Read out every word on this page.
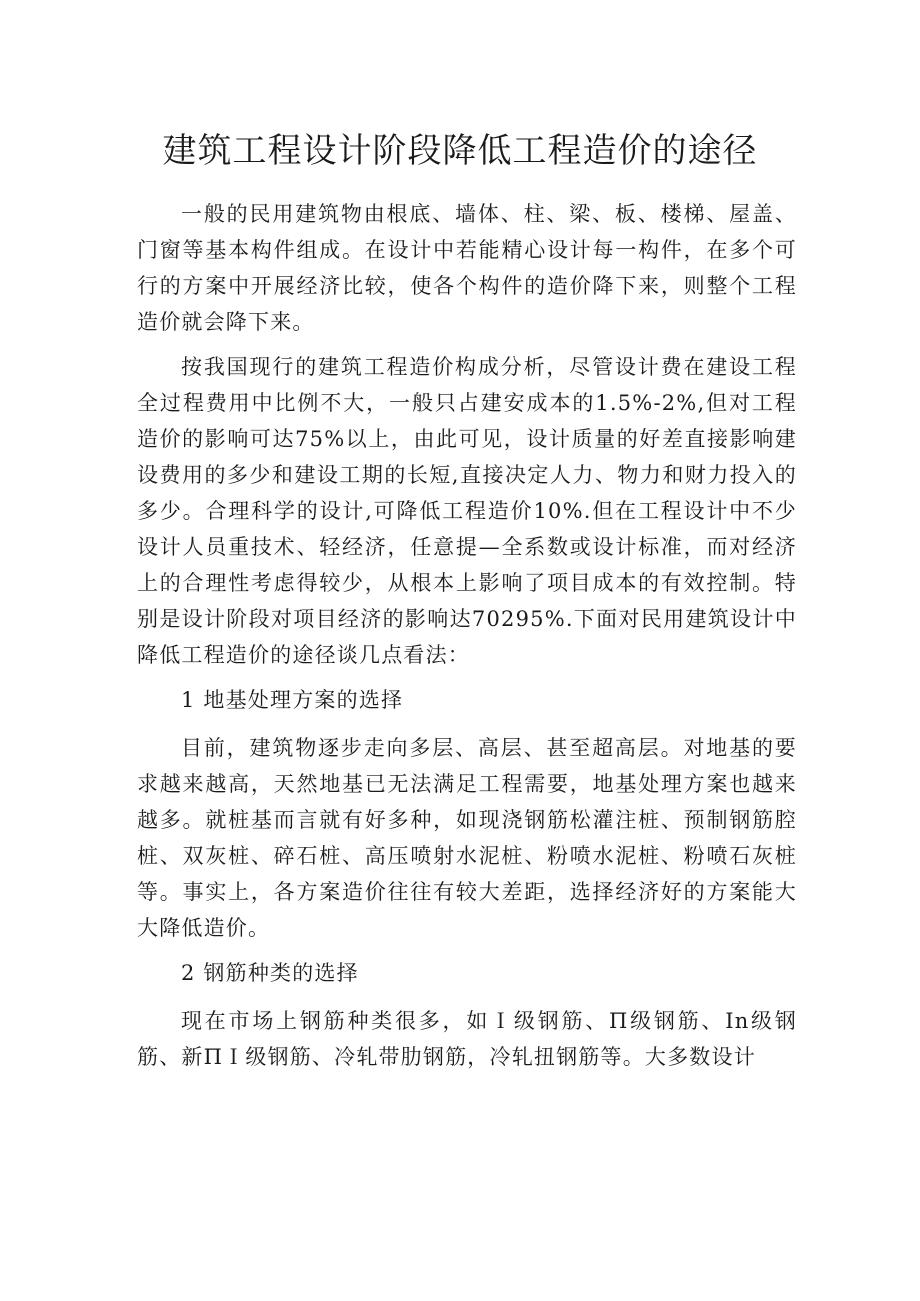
建筑工程设计阶段降低工程造价的途径

一般的民用建筑物由根底、墙体、柱、梁、板、楼梯、屋盖、门窗等基本构件组成。在设计中若能精心设计每一构件，在多个可行的方案中开展经济比较，使各个构件的造价降下来，则整个工程造价就会降下来。

按我国现行的建筑工程造价构成分析，尽管设计费在建设工程全过程费用中比例不大，一般只占建安成本的1.5%-2%,但对工程造价的影响可达75%以上，由此可见，设计质量的好差直接影响建设费用的多少和建设工期的长短,直接决定人力、物力和财力投入的多少。合理科学的设计,可降低工程造价10%.但在工程设计中不少设计人员重技术、轻经济，任意提—全系数或设计标准，而对经济上的合理性考虑得较少，从根本上影响了项目成本的有效控制。特别是设计阶段对项目经济的影响达70295%.下面对民用建筑设计中降低工程造价的途径谈几点看法：

1 地基处理方案的选择

目前，建筑物逐步走向多层、高层、甚至超高层。对地基的要求越来越高，天然地基已无法满足工程需要，地基处理方案也越来越多。就桩基而言就有好多种，如现浇钢筋松灌注桩、预制钢筋腔桩、双灰桩、碎石桩、高压喷射水泥桩、粉喷水泥桩、粉喷石灰桩等。事实上，各方案造价往往有较大差距，选择经济好的方案能大大降低造价。

2 钢筋种类的选择

现在市场上钢筋种类很多，如Ｉ级钢筋、Π级钢筋、In级钢筋、新ΠＩ级钢筋、冷轧带肋钢筋，冷轧扭钢筋等。大多数设计
